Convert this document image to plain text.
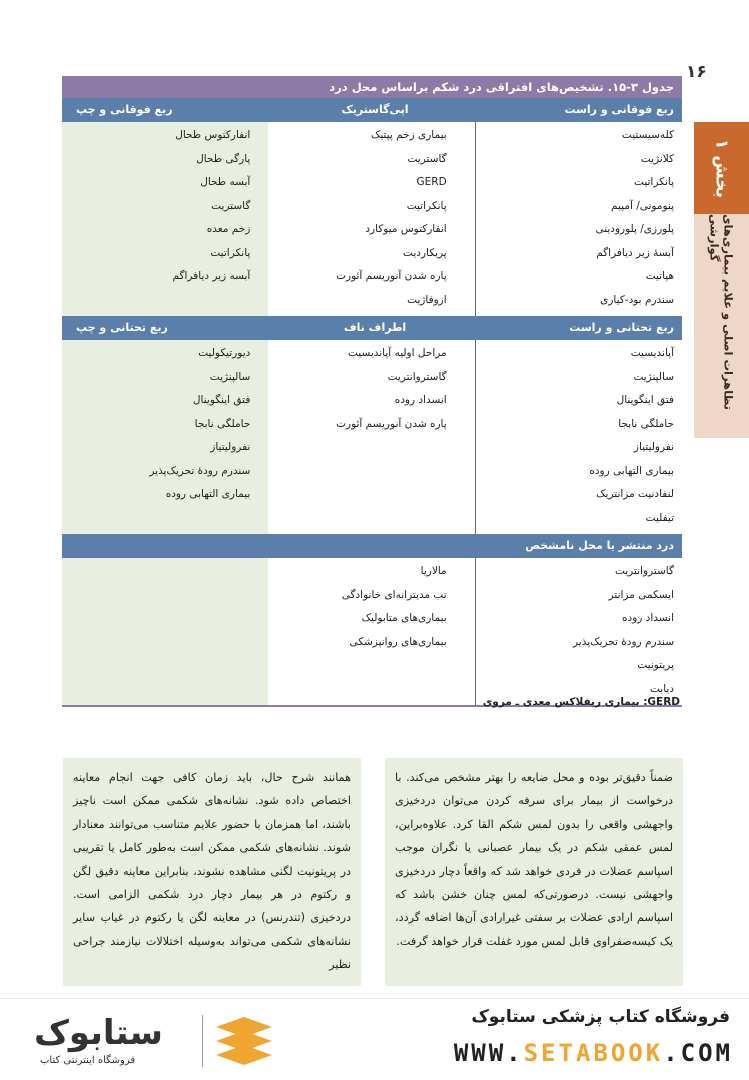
۱۶
بخش ۱
تظاهرات اصلی و علایم بیماری‌های گوارشی
جدول ۳-۱۵. تشخیص‌های افتراقی درد شکم براساس محل درد
ربع فوقانی و راست
اپی‌گاستریک
ربع فوقانی و چپ
کله‌سیستیت
کلانژیت
پانکراتیت
پنومونی/ آمپیم
پلورزی/ پلورودینی
آبسهٔ زیر دیافراگم
هپاتیت
سندرم بود-کیاری
بیماری زخم پپتیک
گاستریت
GERD
پانکراتیت
انفارکتوس میوکارد
پریکاردیت
پاره شدن آنوریسم آئورت
ازوفاژیت
انفارکتوس طحال
پارگی طحال
آبسه طحال
گاستریت
زخم معده
پانکراتیت
آبسه زیر دیافراگم
ربع تحتانی و راست
اطراف ناف
ربع تحتانی و چپ
آپاندیسیت
سالپنژیت
فتق اینگوینال
حاملگی نابجا
نفرولیتیاز
بیماری التهابی روده
لنفادنیت مزانتریک
تیفلیت
مراحل اولیه آپاندیسیت
گاستروانتریت
انسداد روده
پاره شدن آنوریسم آئورت
دیورتیکولیت
سالپنژیت
فتق اینگوینال
حاملگی نابجا
نفرولیتیاز
سندرم رودهٔ تحریک‌پذیر
بیماری التهابی روده
درد منتشر یا محل نامشخص
گاستروانتریت
ایسکمی مزانتر
انسداد روده
سندرم رودهٔ تحریک‌پذیر
پریتونیت
دیابت
مالاریا
تب مدیترانه‌ای خانوادگی
بیماری‌های متابولیک
بیماری‌های روانپزشکی
GERD: بیماری ریفلاکس معدی ـ مروی
ضمناً دقیق‌تر بوده و محل ضایعه را بهتر مشخص می‌کند. با درخواست از بیمار برای سرفه کردن می‌توان دردخیزی واجهشی واقعی را بدون لمس شکم القا کرد. علاوه‌براین، لمس عمقی شکم در یک بیمار عصبانی یا نگران موجب اسپاسم عضلات در فردی خواهد شد که واقعاً دچار دردخیزی واجهشی نیست. درصورتی‌که لمس چنان خشن باشد که اسپاسم ارادی عضلات بر سفتی غیرارادی آن‌ها اضافه گردد، یک کیسه‌صفراوی قابل لمس مورد غفلت قرار خواهد گرفت.
همانند شرح حال، باید زمان کافی جهت انجام معاینه اختصاص داده شود. نشانه‌های شکمی ممکن است ناچیز باشند، اما همزمان با حضور علایم متناسب می‌توانند معنادار شوند. نشانه‌های شکمی ممکن است به‌طور کامل یا تقریبی در پریتونیت لگنی مشاهده نشوند، بنابراین معاینه دقیق لگن و رکتوم در هر بیمار دچار درد شکمی الزامی است. دردخیزی (تندرنس) در معاینه لگن یا رکتوم در غیاب سایر نشانه‌های شکمی می‌تواند به‌وسیله اختلالات نیازمند جراحی نظیر
ستابوک
فروشگاه اینترنتی کتاب
فروشگاه کتاب پزشکی ستابوک
WWW.SETABOOK.COM
